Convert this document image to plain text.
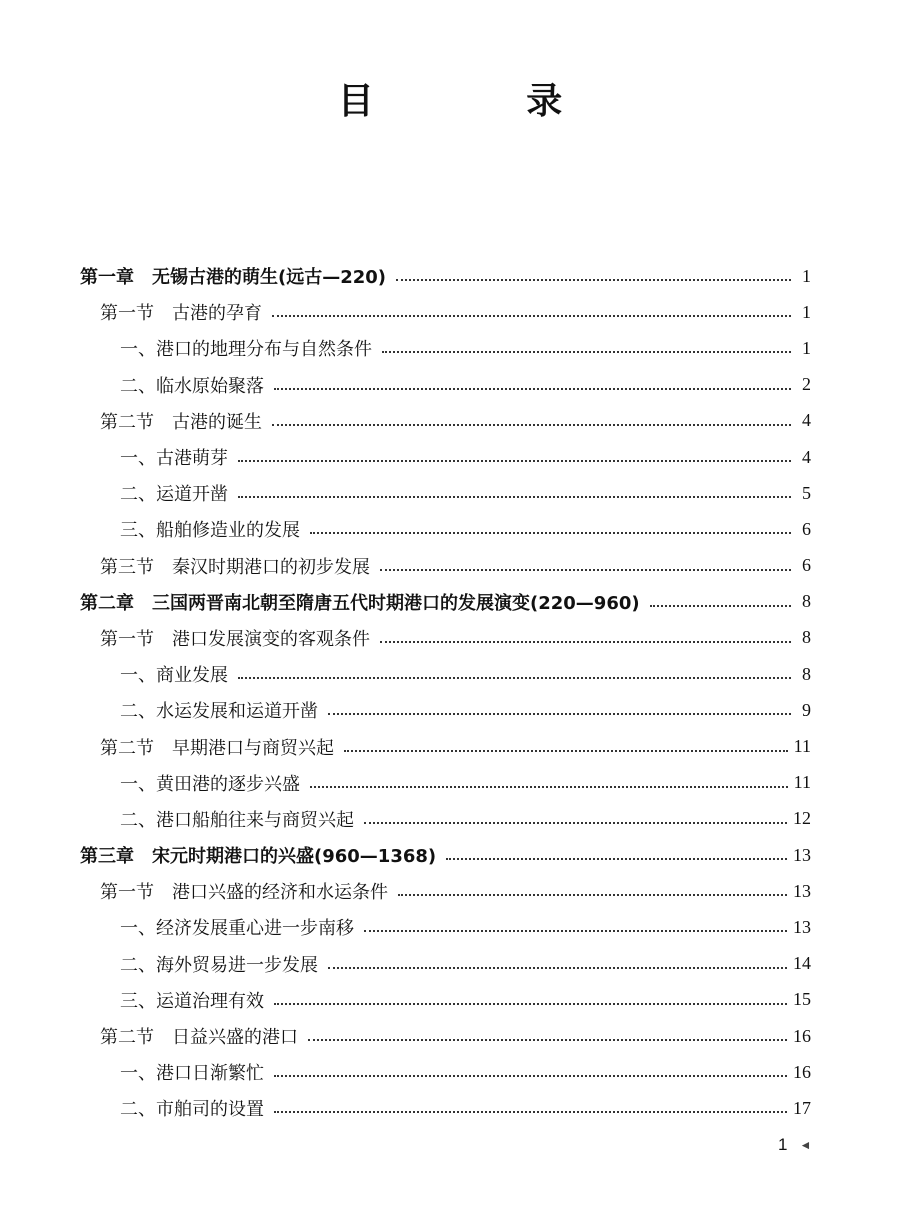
目 录
第一章　无锡古港的萌生(远古—220)	1
第一节　古港的孕育	1
一、港口的地理分布与自然条件	1
二、临水原始聚落	2
第二节　古港的诞生	4
一、古港萌芽	4
二、运道开凿	5
三、船舶修造业的发展	6
第三节　秦汉时期港口的初步发展	6
第二章　三国两晋南北朝至隋唐五代时期港口的发展演变(220—960)	8
第一节　港口发展演变的客观条件	8
一、商业发展	8
二、水运发展和运道开凿	9
第二节　早期港口与商贸兴起	11
一、黄田港的逐步兴盛	11
二、港口船舶往来与商贸兴起	12
第三章　宋元时期港口的兴盛(960—1368)	13
第一节　港口兴盛的经济和水运条件	13
一、经济发展重心进一步南移	13
二、海外贸易进一步发展	14
三、运道治理有效	15
第二节　日益兴盛的港口	16
一、港口日渐繁忙	16
二、市舶司的设置	17
1 ◄
